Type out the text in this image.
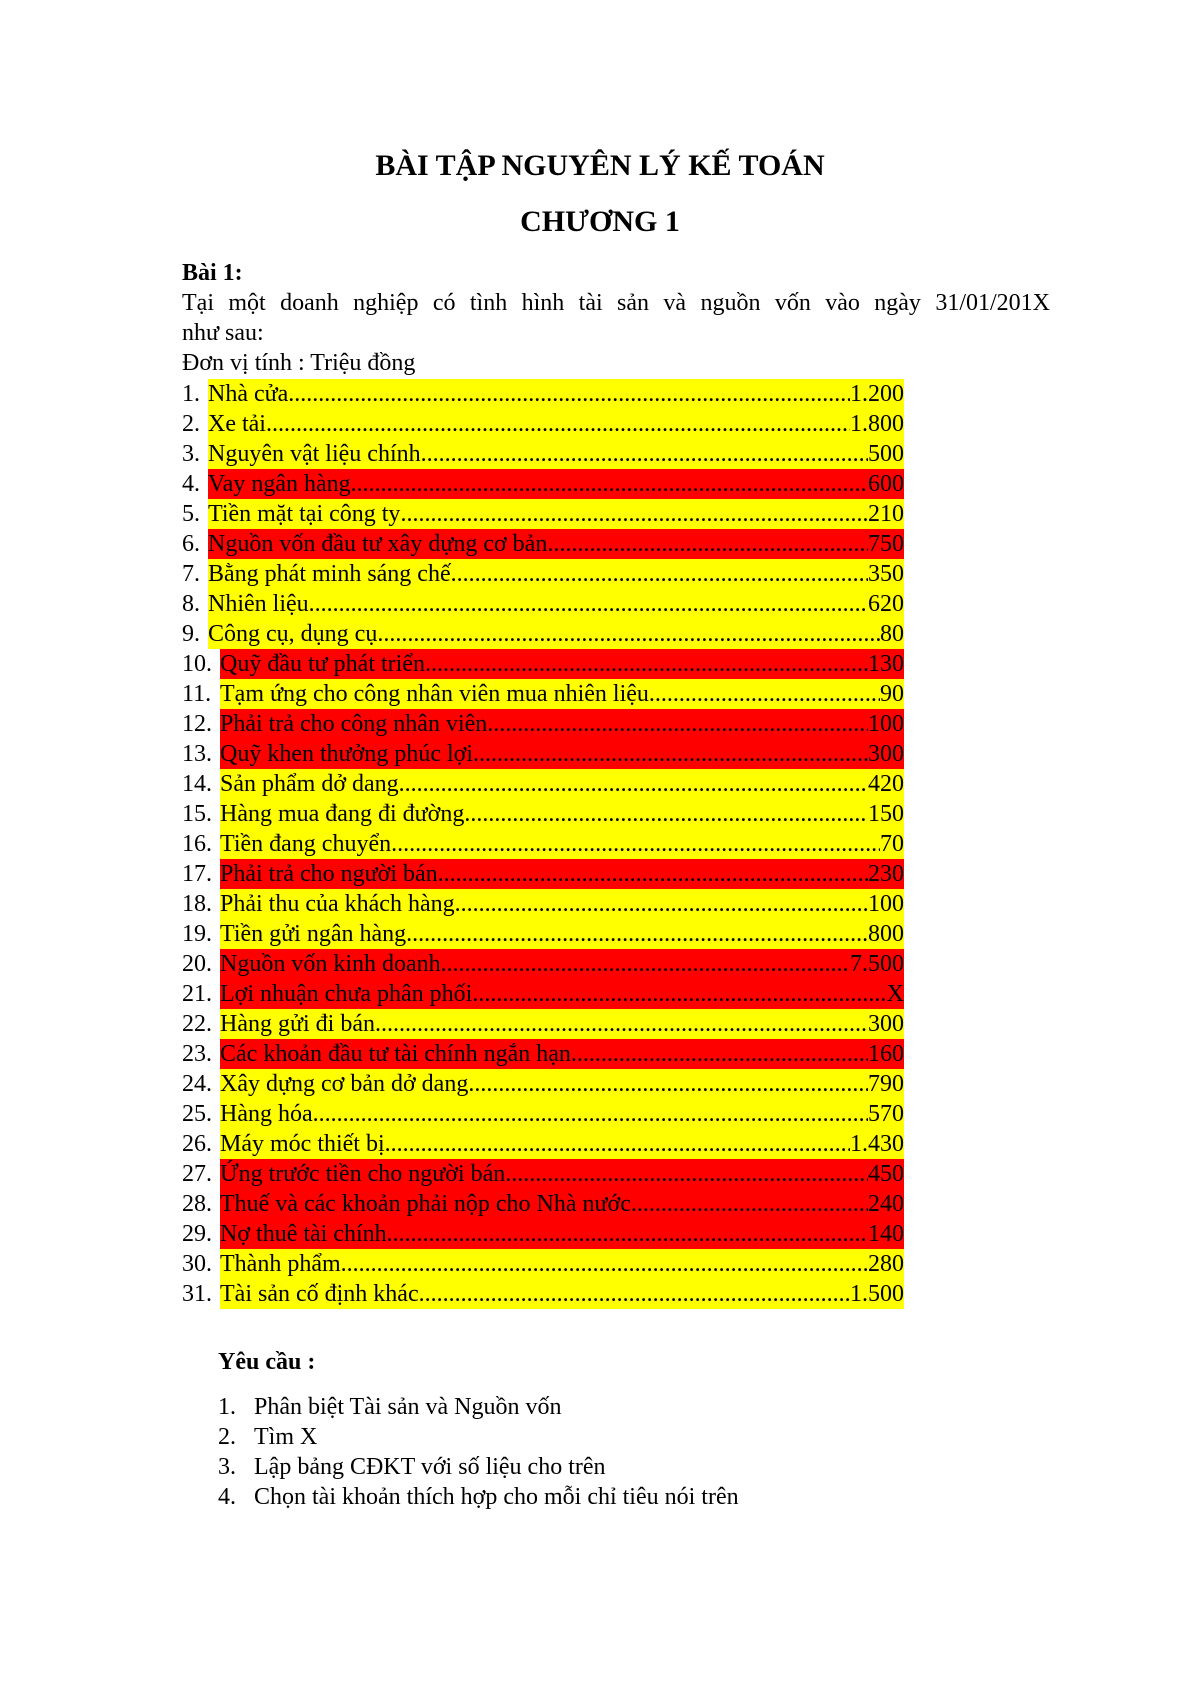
BÀI TẬP NGUYÊN LÝ KẾ TOÁN
CHƯƠNG 1
Bài 1:
Tại một doanh nghiệp có tình hình tài sản và nguồn vốn vào ngày 31/01/201X
như sau:
Đơn vị tính : Triệu đồng
1. Nhà cửa .....	1.200
2. Xe tải .....	1.800
3. Nguyên vật liệu chính .....	500
4. Vay ngân hàng .....	600
5. Tiền mặt tại công ty .....	210
6. Nguồn vốn đầu tư xây dựng cơ bản .....	750
7. Bằng phát minh sáng chế .....	350
8. Nhiên liệu .....	620
9. Công cụ, dụng cụ .....	80
10. Quỹ đầu tư phát triển .....	130
11. Tạm ứng cho công nhân viên mua nhiên liệu .....	90
12. Phải trả cho công nhân viên .....	100
13. Quỹ khen thưởng phúc lợi .....	300
14. Sản phẩm dở dang .....	420
15. Hàng mua đang đi đường .....	150
16. Tiền đang chuyển .....	70
17. Phải trả cho người bán .....	230
18. Phải thu của khách hàng .....	100
19. Tiền gửi ngân hàng .....	800
20. Nguồn vốn kinh doanh .....	7.500
21. Lợi nhuận chưa phân phối .....	X
22. Hàng gửi đi bán .....	300
23. Các khoản đầu tư tài chính ngắn hạn .....	160
24. Xây dựng cơ bản dở dang .....	790
25. Hàng hóa .....	570
26. Máy móc thiết bị .....	1.430
27. Ứng trước tiền cho người bán .....	450
28. Thuế và các khoản phải nộp cho Nhà nước .....	240
29. Nợ thuê tài chính .....	140
30. Thành phẩm .....	280
31. Tài sản cố định khác .....	1.500
Yêu cầu :
1. Phân biệt Tài sản và Nguồn vốn
2. Tìm X
3. Lập bảng CĐKT với số liệu cho trên
4. Chọn tài khoản thích hợp cho mỗi chỉ tiêu nói trên
